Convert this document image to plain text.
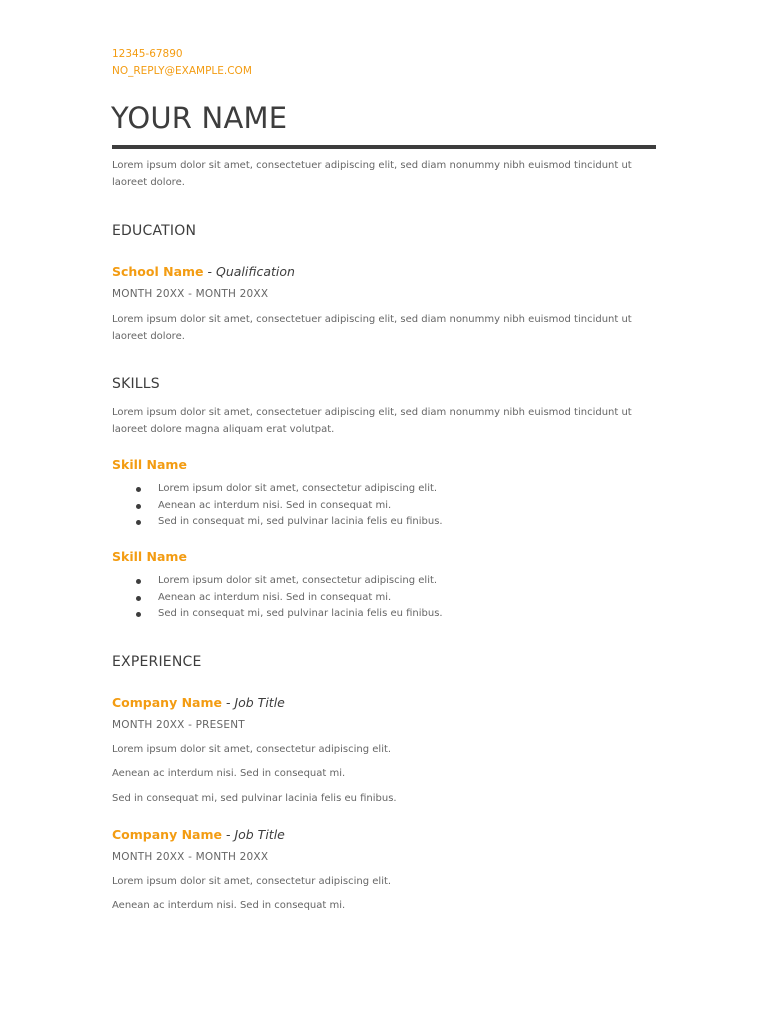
12345-67890
NO_REPLY@EXAMPLE.COM
YOUR NAME
Lorem ipsum dolor sit amet, consectetuer adipiscing elit, sed diam nonummy nibh euismod tincidunt ut laoreet dolore.
EDUCATION
School Name - Qualification
MONTH 20XX - MONTH 20XX
Lorem ipsum dolor sit amet, consectetuer adipiscing elit, sed diam nonummy nibh euismod tincidunt ut laoreet dolore.
SKILLS
Lorem ipsum dolor sit amet, consectetuer adipiscing elit, sed diam nonummy nibh euismod tincidunt ut laoreet dolore magna aliquam erat volutpat.
Skill Name
Lorem ipsum dolor sit amet, consectetur adipiscing elit.
Aenean ac interdum nisi. Sed in consequat mi.
Sed in consequat mi, sed pulvinar lacinia felis eu finibus.
Skill Name
Lorem ipsum dolor sit amet, consectetur adipiscing elit.
Aenean ac interdum nisi. Sed in consequat mi.
Sed in consequat mi, sed pulvinar lacinia felis eu finibus.
EXPERIENCE
Company Name - Job Title
MONTH 20XX - PRESENT
Lorem ipsum dolor sit amet, consectetur adipiscing elit.
Aenean ac interdum nisi. Sed in consequat mi.
Sed in consequat mi, sed pulvinar lacinia felis eu finibus.
Company Name - Job Title
MONTH 20XX - MONTH 20XX
Lorem ipsum dolor sit amet, consectetur adipiscing elit.
Aenean ac interdum nisi. Sed in consequat mi.
